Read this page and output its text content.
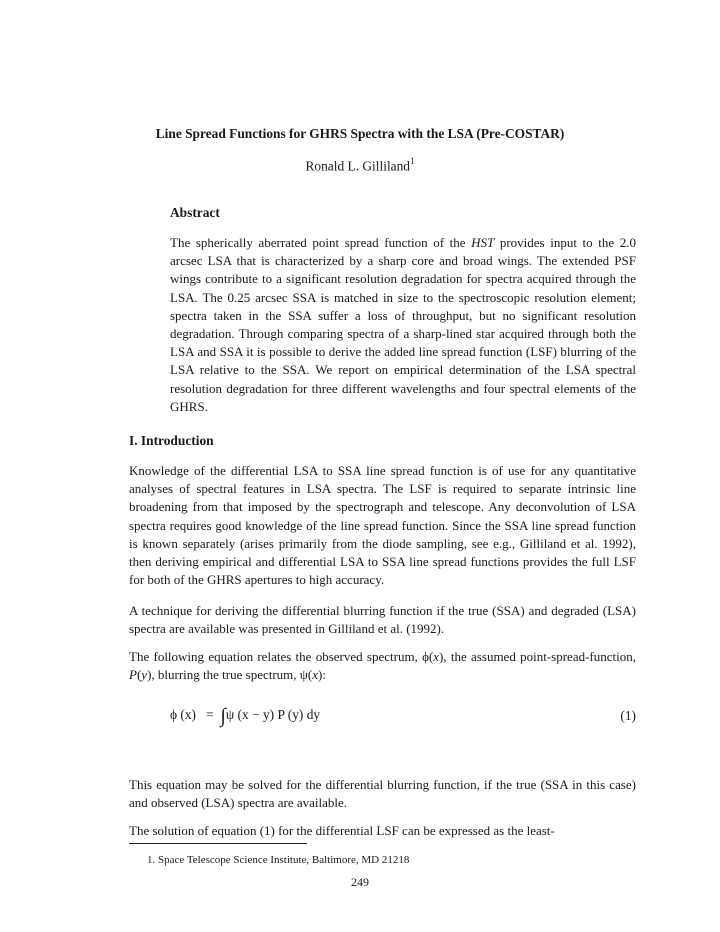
Line Spread Functions for GHRS Spectra with the LSA (Pre-COSTAR)
Ronald L. Gilliland$^1$
Abstract

The spherically aberrated point spread function of the HST provides input to the 2.0 arcsec LSA that is characterized by a sharp core and broad wings. The extended PSF wings contribute to a significant resolution degradation for spectra acquired through the LSA. The 0.25 arcsec SSA is matched in size to the spectroscopic resolution element; spectra taken in the SSA suffer a loss of throughput, but no significant resolution degradation. Through comparing spectra of a sharp-lined star acquired through both the LSA and SSA it is possible to derive the added line spread function (LSF) blurring of the LSA relative to the SSA. We report on empirical determination of the LSA spectral resolution degradation for three different wavelengths and four spectral elements of the GHRS.

I. Introduction

Knowledge of the differential LSA to SSA line spread function is of use for any quantitative analyses of spectral features in LSA spectra. The LSF is required to separate intrinsic line broadening from that imposed by the spectrograph and telescope. Any deconvolution of LSA spectra requires good knowledge of the line spread function. Since the SSA line spread function is known separately (arises primarily from the diode sampling, see e.g., Gilliland et al. 1992), then deriving empirical and differential LSA to SSA line spread functions provides the full LSF for both of the GHRS apertures to high accuracy.

A technique for deriving the differential blurring function if the true (SSA) and degraded (LSA) spectra are available was presented in Gilliland et al. (1992).

The following equation relates the observed spectrum, ϕ(x), the assumed point-spread-function, P(y), blurring the true spectrum, ψ(x):

ϕ (x) = ∫ψ (x − y) P (y) dy	(1)

This equation may be solved for the differential blurring function, if the true (SSA in this case) and observed (LSA) spectra are available.

The solution of equation (1) for the differential LSF can be expressed as the least-

1. Space Telescope Science Institute, Baltimore, MD 21218
249
